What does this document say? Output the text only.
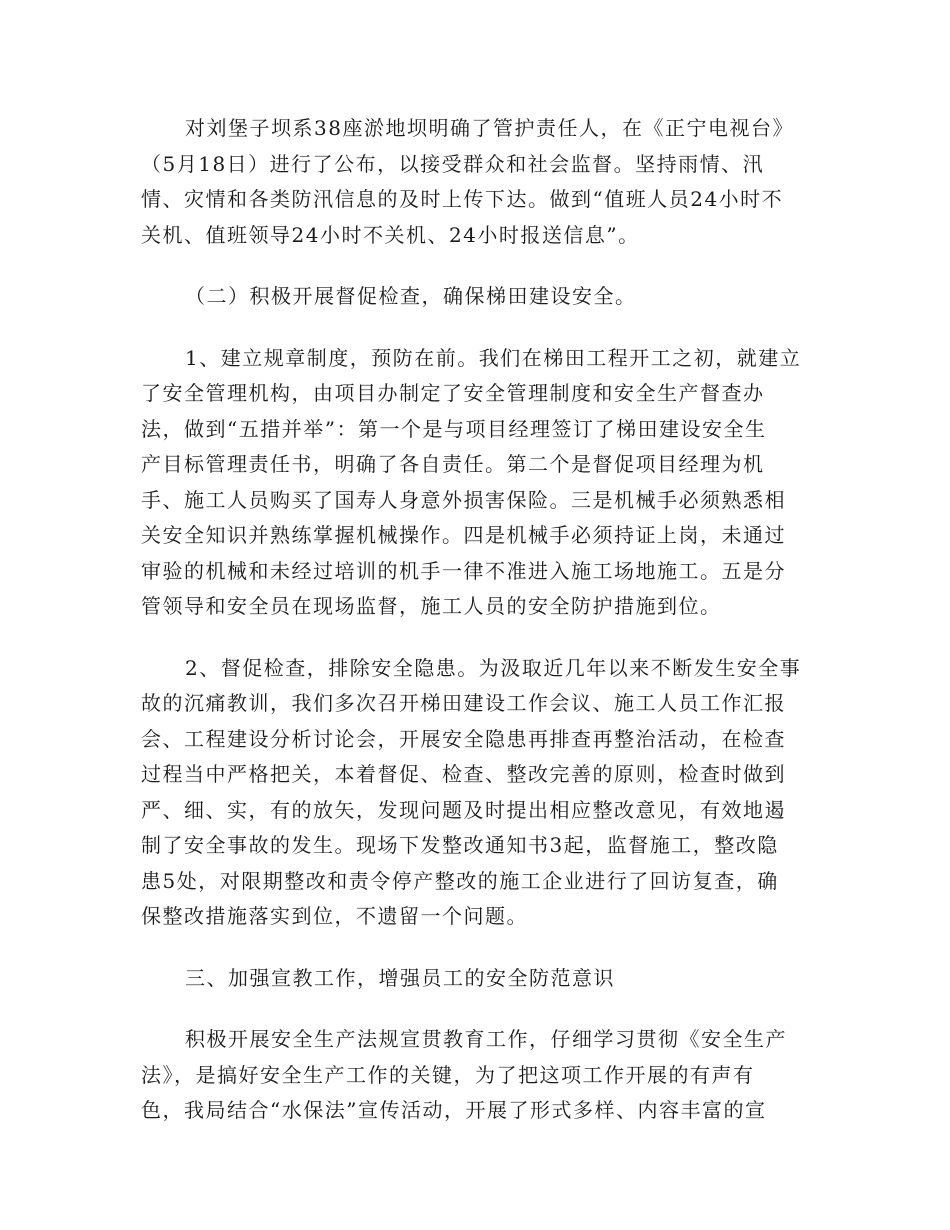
对刘堡子坝系38座淤地坝明确了管护责任人，在《正宁电视台》
（5月18日）进行了公布，以接受群众和社会监督。坚持雨情、汛
情、灾情和各类防汛信息的及时上传下达。做到“值班人员24小时不
关机、值班领导24小时不关机、24小时报送信息”。
（二）积极开展督促检查，确保梯田建设安全。
1、建立规章制度，预防在前。我们在梯田工程开工之初，就建立
了安全管理机构，由项目办制定了安全管理制度和安全生产督查办
法，做到“五措并举”：第一个是与项目经理签订了梯田建设安全生
产目标管理责任书，明确了各自责任。第二个是督促项目经理为机
手、施工人员购买了国寿人身意外损害保险。三是机械手必须熟悉相
关安全知识并熟练掌握机械操作。四是机械手必须持证上岗，未通过
审验的机械和未经过培训的机手一律不准进入施工场地施工。五是分
管领导和安全员在现场监督，施工人员的安全防护措施到位。
2、督促检查，排除安全隐患。为汲取近几年以来不断发生安全事
故的沉痛教训，我们多次召开梯田建设工作会议、施工人员工作汇报
会、工程建设分析讨论会，开展安全隐患再排查再整治活动，在检查
过程当中严格把关，本着督促、检查、整改完善的原则，检查时做到
严、细、实，有的放矢，发现问题及时提出相应整改意见，有效地遏
制了安全事故的发生。现场下发整改通知书3起，监督施工，整改隐
患5处，对限期整改和责令停产整改的施工企业进行了回访复查，确
保整改措施落实到位，不遗留一个问题。
三、加强宣教工作，增强员工的安全防范意识
积极开展安全生产法规宣贯教育工作，仔细学习贯彻《安全生产
法》，是搞好安全生产工作的关键，为了把这项工作开展的有声有
色，我局结合“水保法”宣传活动，开展了形式多样、内容丰富的宣
